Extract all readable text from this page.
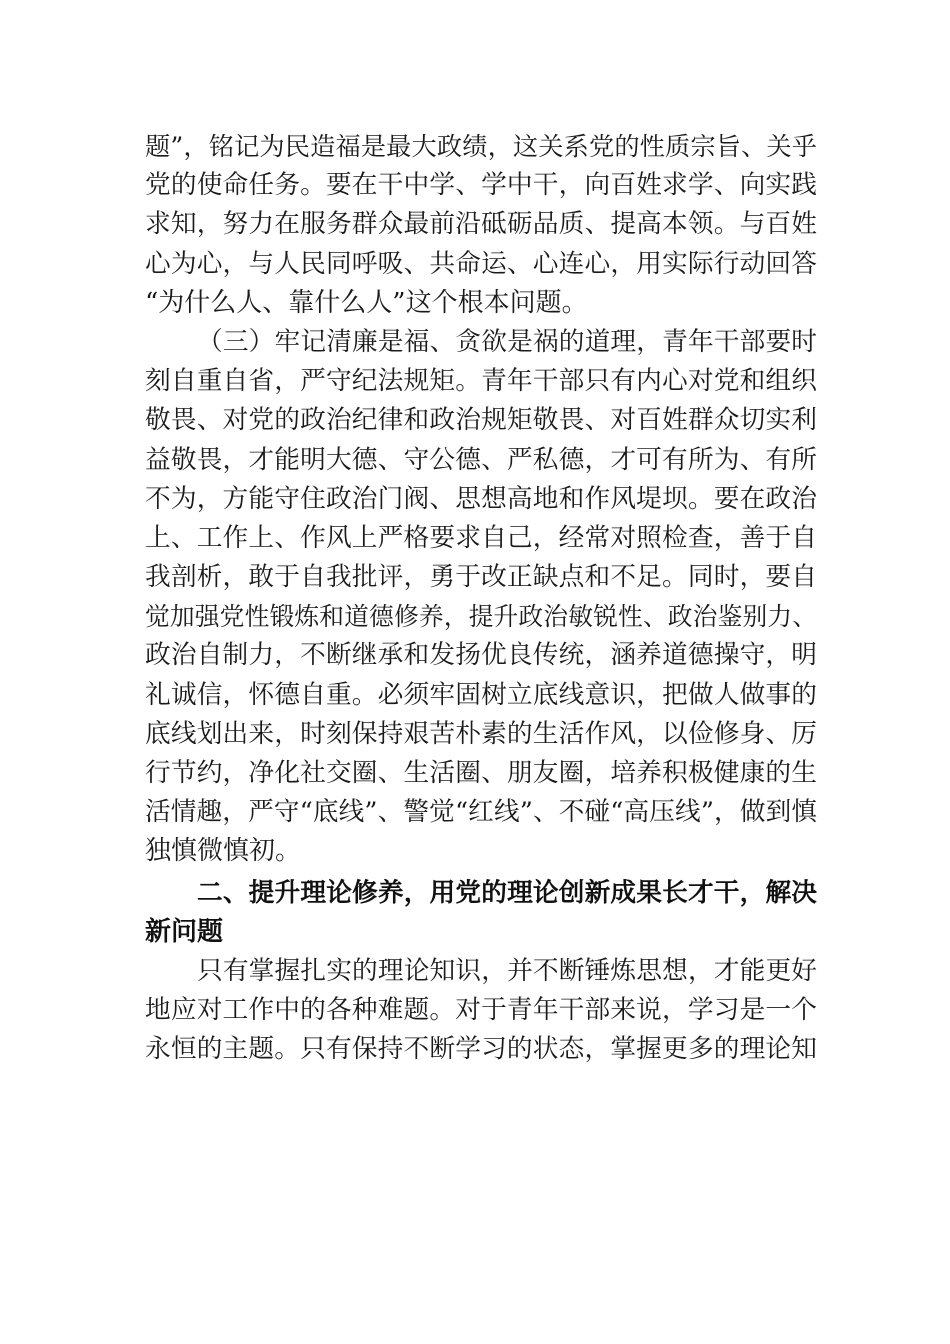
题”，铭记为民造福是最大政绩，这关系党的性质宗旨、关乎
党的使命任务。要在干中学、学中干，向百姓求学、向实践
求知，努力在服务群众最前沿砥砺品质、提高本领。与百姓
心为心，与人民同呼吸、共命运、心连心，用实际行动回答
“为什么人、靠什么人”这个根本问题。
（三）牢记清廉是福、贪欲是祸的道理，青年干部要时
刻自重自省，严守纪法规矩。青年干部只有内心对党和组织
敬畏、对党的政治纪律和政治规矩敬畏、对百姓群众切实利
益敬畏，才能明大德、守公德、严私德，才可有所为、有所
不为，方能守住政治门阀、思想高地和作风堤坝。要在政治
上、工作上、作风上严格要求自己，经常对照检查，善于自
我剖析，敢于自我批评，勇于改正缺点和不足。同时，要自
觉加强党性锻炼和道德修养，提升政治敏锐性、政治鉴别力、
政治自制力，不断继承和发扬优良传统，涵养道德操守，明
礼诚信，怀德自重。必须牢固树立底线意识，把做人做事的
底线划出来，时刻保持艰苦朴素的生活作风，以俭修身、厉
行节约，净化社交圈、生活圈、朋友圈，培养积极健康的生
活情趣，严守“底线”、警觉“红线”、不碰“高压线”，做到慎
独慎微慎初。
二、提升理论修养，用党的理论创新成果长才干，解决
新问题
只有掌握扎实的理论知识，并不断锤炼思想，才能更好
地应对工作中的各种难题。对于青年干部来说，学习是一个
永恒的主题。只有保持不断学习的状态，掌握更多的理论知
